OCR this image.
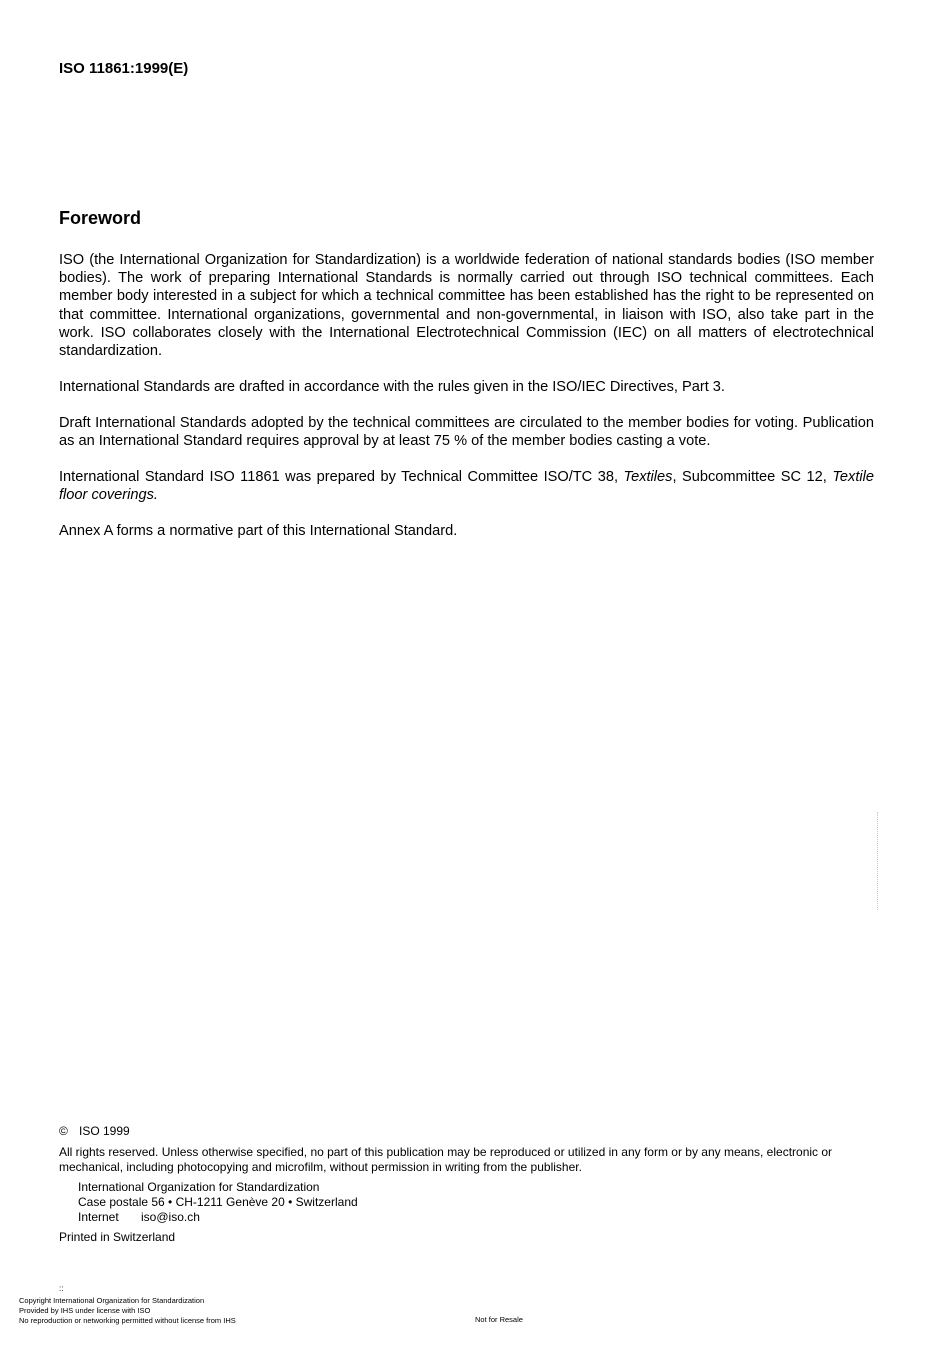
ISO 11861:1999(E)
Foreword

ISO (the International Organization for Standardization) is a worldwide federation of national standards bodies (ISO member bodies). The work of preparing International Standards is normally carried out through ISO technical committees. Each member body interested in a subject for which a technical committee has been established has the right to be represented on that committee. International organizations, governmental and non-governmental, in liaison with ISO, also take part in the work. ISO collaborates closely with the International Electrotechnical Commission (IEC) on all matters of electrotechnical standardization.

International Standards are drafted in accordance with the rules given in the ISO/IEC Directives, Part 3.

Draft International Standards adopted by the technical committees are circulated to the member bodies for voting. Publication as an International Standard requires approval by at least 75 % of the member bodies casting a vote.

International Standard ISO 11861 was prepared by Technical Committee ISO/TC 38, Textiles, Subcommittee SC 12, Textile floor coverings.

Annex A forms a normative part of this International Standard.

© ISO 1999
All rights reserved. Unless otherwise specified, no part of this publication may be reproduced or utilized in any form or by any means, electronic or mechanical, including photocopying and microfilm, without permission in writing from the publisher.
International Organization for Standardization
Case postale 56 • CH-1211 Genève 20 • Switzerland
Internet iso@iso.ch
Printed in Switzerland
::
Copyright International Organization for Standardization
Provided by IHS under license with ISO
No reproduction or networking permitted without license from IHS	Not for Resale
